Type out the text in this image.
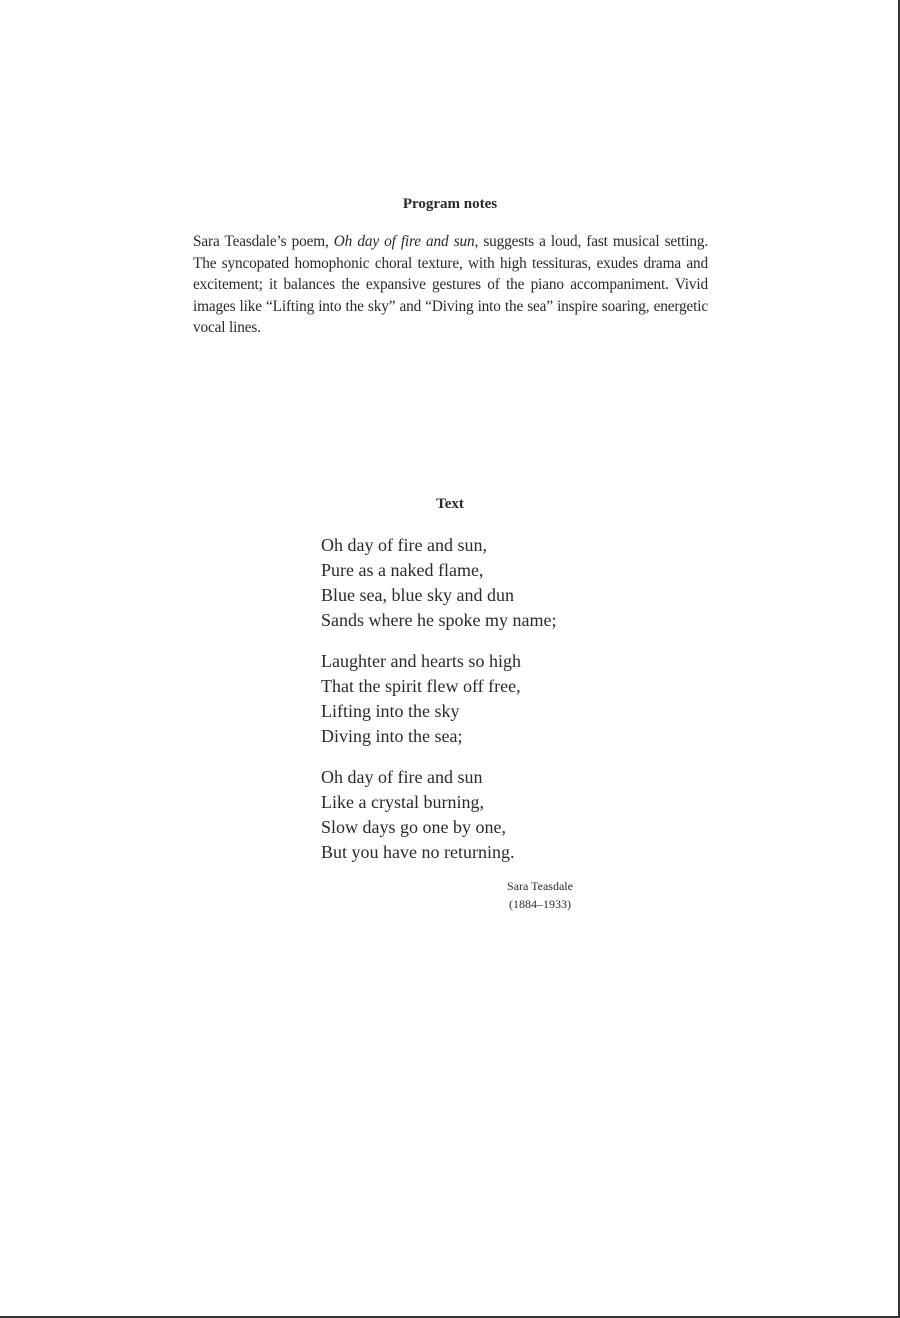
Program notes
Sara Teasdale’s poem, Oh day of fire and sun, suggests a loud, fast musical setting. The syncopated homophonic choral texture, with high tessituras, exudes drama and excitement; it balances the expansive gestures of the piano accompaniment. Vivid images like “Lifting into the sky” and “Diving into the sea” inspire soaring, energetic vocal lines.
Text
Oh day of fire and sun,
Pure as a naked flame,
Blue sea, blue sky and dun
Sands where he spoke my name;
Laughter and hearts so high
That the spirit flew off free,
Lifting into the sky
Diving into the sea;
Oh day of fire and sun
Like a crystal burning,
Slow days go one by one,
But you have no returning.
Sara Teasdale
(1884–1933)
